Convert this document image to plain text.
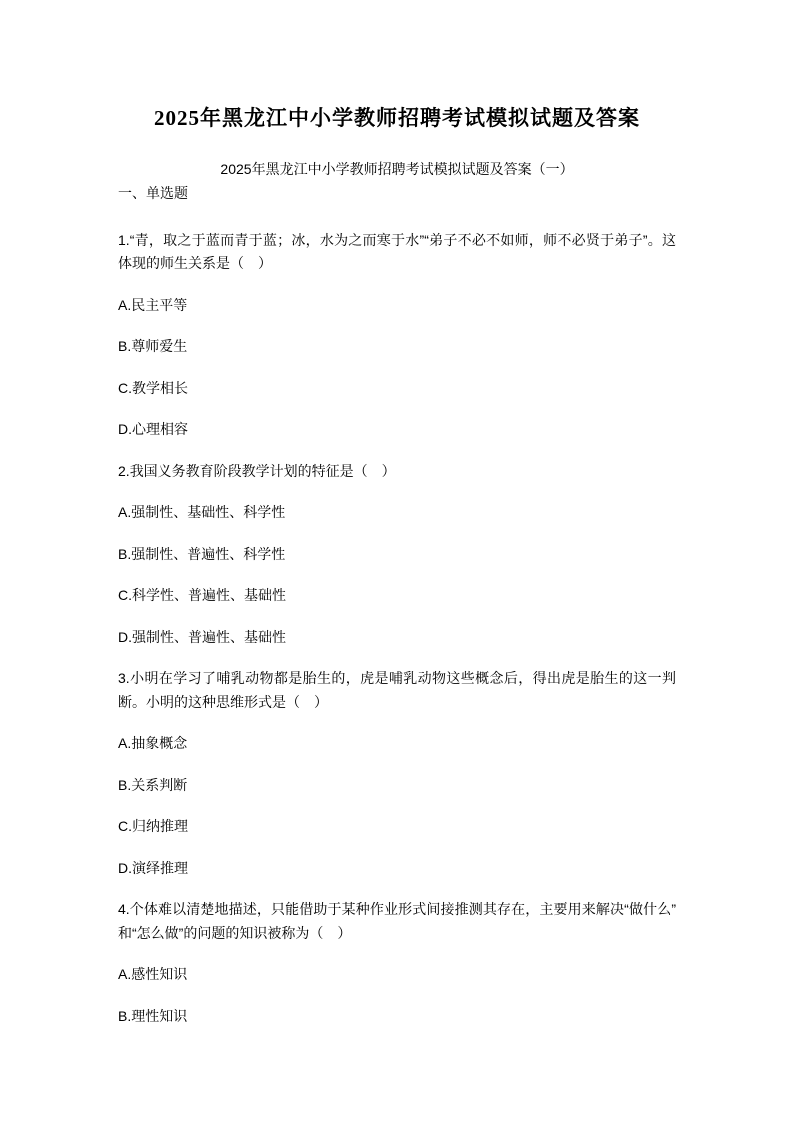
2025年黑龙江中小学教师招聘考试模拟试题及答案
2025年黑龙江中小学教师招聘考试模拟试题及答案（一）
一、单选题

1.“青，取之于蓝而青于蓝；冰，水为之而寒于水”“弟子不必不如师，师不必贤于弟子”。这体现的师生关系是（　）

A.民主平等

B.尊师爱生

C.教学相长

D.心理相容

2.我国义务教育阶段教学计划的特征是（　）

A.强制性、基础性、科学性

B.强制性、普遍性、科学性

C.科学性、普遍性、基础性

D.强制性、普遍性、基础性

3.小明在学习了哺乳动物都是胎生的，虎是哺乳动物这些概念后，得出虎是胎生的这一判断。小明的这种思维形式是（　）

A.抽象概念

B.关系判断

C.归纳推理

D.演绎推理

4.个体难以清楚地描述，只能借助于某种作业形式间接推测其存在，主要用来解决“做什么”和“怎么做”的问题的知识被称为（　）

A.感性知识

B.理性知识
